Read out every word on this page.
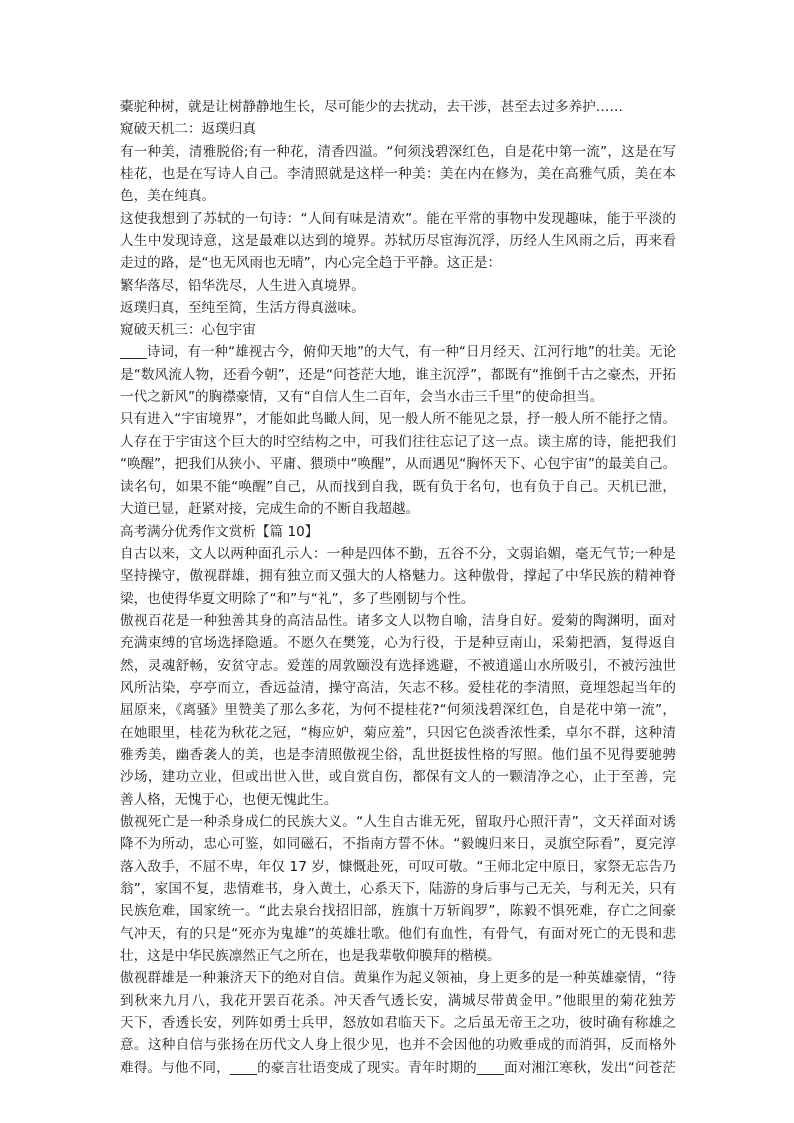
橐驼种树，就是让树静静地生长，尽可能少的去扰动，去干涉，甚至去过多养护……
窥破天机二：返璞归真
有一种美，清雅脱俗;有一种花，清香四溢。“何须浅碧深红色，自是花中第一流”，这是在写
桂花，也是在写诗人自己。李清照就是这样一种美：美在内在修为，美在高雅气质，美在本
色，美在纯真。
这使我想到了苏轼的一句诗：“人间有味是清欢”。能在平常的事物中发现趣味，能于平淡的
人生中发现诗意，这是最难以达到的境界。苏轼历尽宦海沉浮，历经人生风雨之后，再来看
走过的路，是“也无风雨也无晴”，内心完全趋于平静。这正是：
繁华落尽，铅华洗尽，人生进入真境界。
返璞归真，至纯至简，生活方得真滋味。
窥破天机三：心包宇宙
____诗词，有一种“雄视古今，俯仰天地”的大气，有一种“日月经天、江河行地”的壮美。无论
是“数风流人物，还看今朝”，还是“问苍茫大地，谁主沉浮”，都既有“推倒千古之豪杰，开拓
一代之新风”的胸襟豪情，又有“自信人生二百年，会当水击三千里”的使命担当。
只有进入“宇宙境界”，才能如此鸟瞰人间，见一般人所不能见之景，抒一般人所不能抒之情。
人存在于宇宙这个巨大的时空结构之中，可我们往往忘记了这一点。读主席的诗，能把我们
“唤醒”，把我们从狭小、平庸、猥琐中“唤醒”，从而遇见“胸怀天下、心包宇宙”的最美自己。
读名句，如果不能“唤醒”自己，从而找到自我，既有负于名句，也有负于自己。天机已泄，
大道已显，赶紧对接，完成生命的不断自我超越。
高考满分优秀作文赏析【篇 10】
自古以来，文人以两种面孔示人：一种是四体不勤，五谷不分，文弱谄媚，毫无气节;一种是
坚持操守，傲视群雄，拥有独立而又强大的人格魅力。这种傲骨，撑起了中华民族的精神脊
梁，也使得华夏文明除了“和”与“礼”，多了些刚韧与个性。
傲视百花是一种独善其身的高洁品性。诸多文人以物自喻，洁身自好。爱菊的陶渊明，面对
充满束缚的官场选择隐遁。不愿久在樊笼，心为行役，于是种豆南山，采菊把酒，复得返自
然，灵魂舒畅，安贫守志。爱莲的周敦颐没有选择逃避，不被逍遥山水所吸引，不被污浊世
风所沾染，亭亭而立，香远益清，操守高洁，矢志不移。爱桂花的李清照，竟埋怨起当年的
屈原来，《离骚》里赞美了那么多花，为何不提桂花?“何须浅碧深红色，自是花中第一流”，
在她眼里，桂花为秋花之冠，“梅应妒，菊应羞”，只因它色淡香浓性柔，卓尔不群，这种清
雅秀美，幽香袭人的美，也是李清照傲视尘俗，乱世挺拔性格的写照。他们虽不见得要驰骋
沙场，建功立业，但或出世入世，或自赏自伤，都保有文人的一颗清净之心，止于至善，完
善人格，无愧于心，也便无愧此生。
傲视死亡是一种杀身成仁的民族大义。“人生自古谁无死，留取丹心照汗青”，文天祥面对诱
降不为所动，忠心可鉴，如同磁石，不指南方誓不休。“毅魄归来日，灵旗空际看”，夏完淳
落入敌手，不屈不卑，年仅 17 岁，慷慨赴死，可叹可敬。“王师北定中原日，家祭无忘告乃
翁”，家国不复，悲情难书，身入黄土，心系天下，陆游的身后事与己无关，与利无关，只有
民族危难，国家统一。“此去泉台找招旧部，旌旗十万斩阎罗”，陈毅不惧死难，存亡之间豪
气冲天，有的只是“死亦为鬼雄”的英雄壮歌。他们有血性，有骨气，有面对死亡的无畏和悲
壮，这是中华民族凛然正气之所在，也是我辈敬仰膜拜的楷模。
傲视群雄是一种兼济天下的绝对自信。黄巢作为起义领袖，身上更多的是一种英雄豪情，“待
到秋来九月八，我花开罢百花杀。冲天香气透长安，满城尽带黄金甲。”他眼里的菊花独芳
天下，香透长安，列阵如勇士兵甲，怒放如君临天下。之后虽无帝王之功，彼时确有称雄之
意。这种自信与张扬在历代文人身上很少见，也并不会因他的功败垂成的而消弭，反而格外
难得。与他不同，____的豪言壮语变成了现实。青年时期的____面对湘江寒秋，发出“问苍茫
